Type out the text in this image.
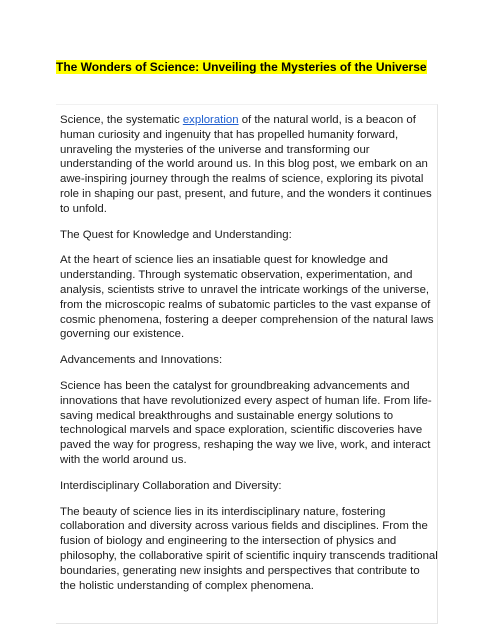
The Wonders of Science: Unveiling the Mysteries of the Universe

Science, the systematic exploration of the natural world, is a beacon of human curiosity and ingenuity that has propelled humanity forward, unraveling the mysteries of the universe and transforming our understanding of the world around us. In this blog post, we embark on an awe-inspiring journey through the realms of science, exploring its pivotal role in shaping our past, present, and future, and the wonders it continues to unfold.

The Quest for Knowledge and Understanding:

At the heart of science lies an insatiable quest for knowledge and understanding. Through systematic observation, experimentation, and analysis, scientists strive to unravel the intricate workings of the universe, from the microscopic realms of subatomic particles to the vast expanse of cosmic phenomena, fostering a deeper comprehension of the natural laws governing our existence.

Advancements and Innovations:

Science has been the catalyst for groundbreaking advancements and innovations that have revolutionized every aspect of human life. From life-saving medical breakthroughs and sustainable energy solutions to technological marvels and space exploration, scientific discoveries have paved the way for progress, reshaping the way we live, work, and interact with the world around us.

Interdisciplinary Collaboration and Diversity:

The beauty of science lies in its interdisciplinary nature, fostering collaboration and diversity across various fields and disciplines. From the fusion of biology and engineering to the intersection of physics and philosophy, the collaborative spirit of scientific inquiry transcends traditional boundaries, generating new insights and perspectives that contribute to the holistic understanding of complex phenomena.
